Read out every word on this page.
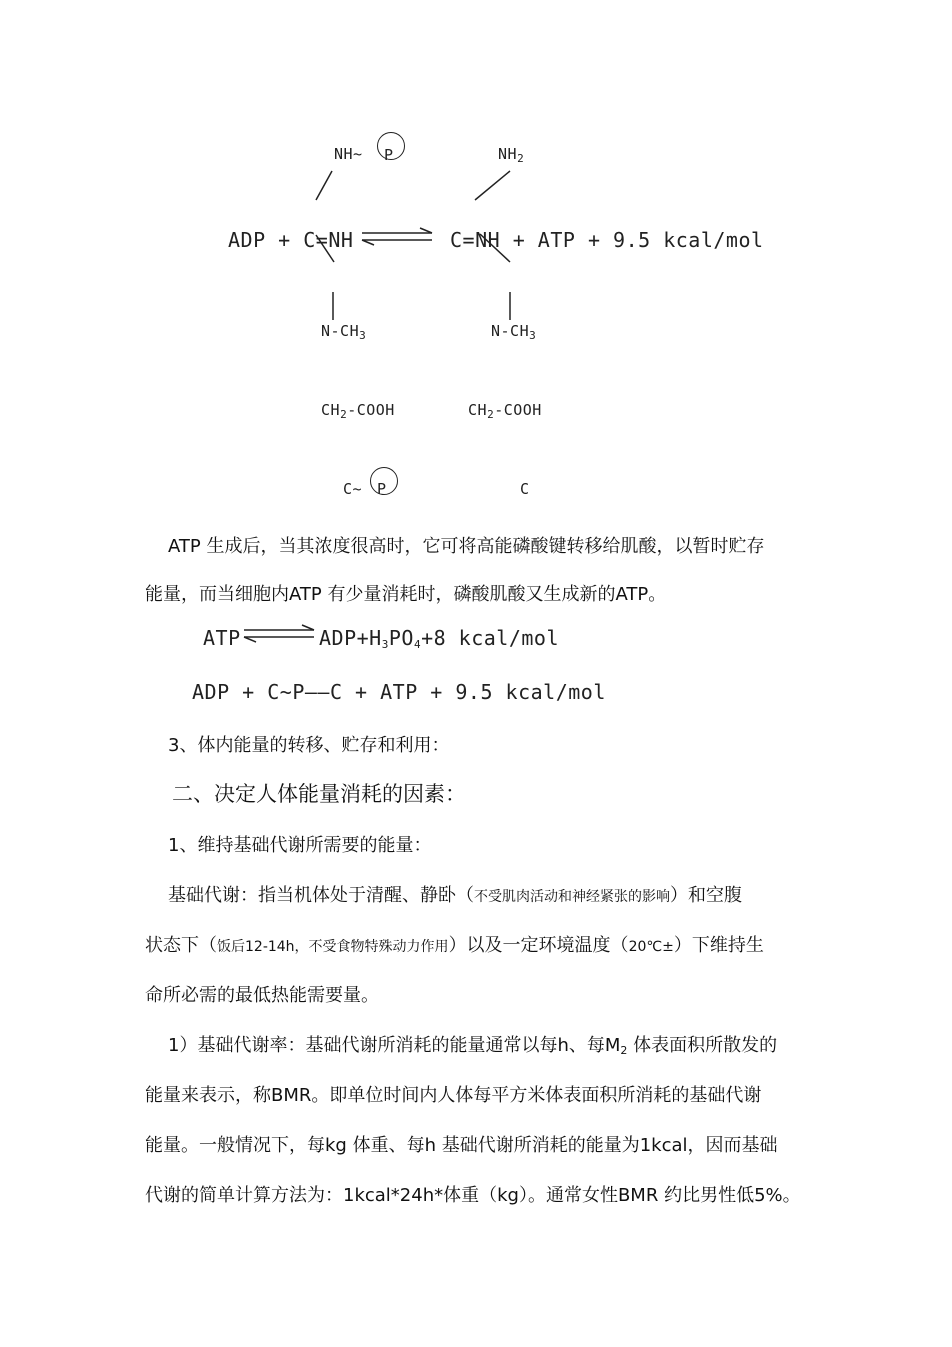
NH~ P	$NH_2$
ADP + C=NH	C=NH + ATP + 9.5 kcal/mol
$N-CH_3$	$N-CH_3$
$CH_2$-COOH	$CH_2$-COOH
C~ P	C
ATP 生成后，当其浓度很高时，它可将高能磷酸键转移给肌酸，以暂时贮存
能量，而当细胞内ATP 有少量消耗时，磷酸肌酸又生成新的ATP。
ATP	$ADP+H_3PO_4+8$ kcal/mol
ADP + C~P——C + ATP + 9.5 kcal/mol
3、体内能量的转移、贮存和利用：
二、决定人体能量消耗的因素：
1、维持基础代谢所需要的能量：
基础代谢：指当机体处于清醒、静卧（不受肌肉活动和神经紧张的影响）和空腹
状态下（饭后12-14h，不受食物特殊动力作用）以及一定环境温度（20℃±）下维持生
命所必需的最低热能需要量。
1）基础代谢率：基础代谢所消耗的能量通常以每h、每$M_2$ 体表面积所散发的
能量来表示，称BMR。即单位时间内人体每平方米体表面积所消耗的基础代谢
能量。一般情况下，每kg 体重、每h 基础代谢所消耗的能量为1kcal，因而基础
代谢的简单计算方法为：1kcal*24h*体重（kg）。通常女性BMR 约比男性低5%。
